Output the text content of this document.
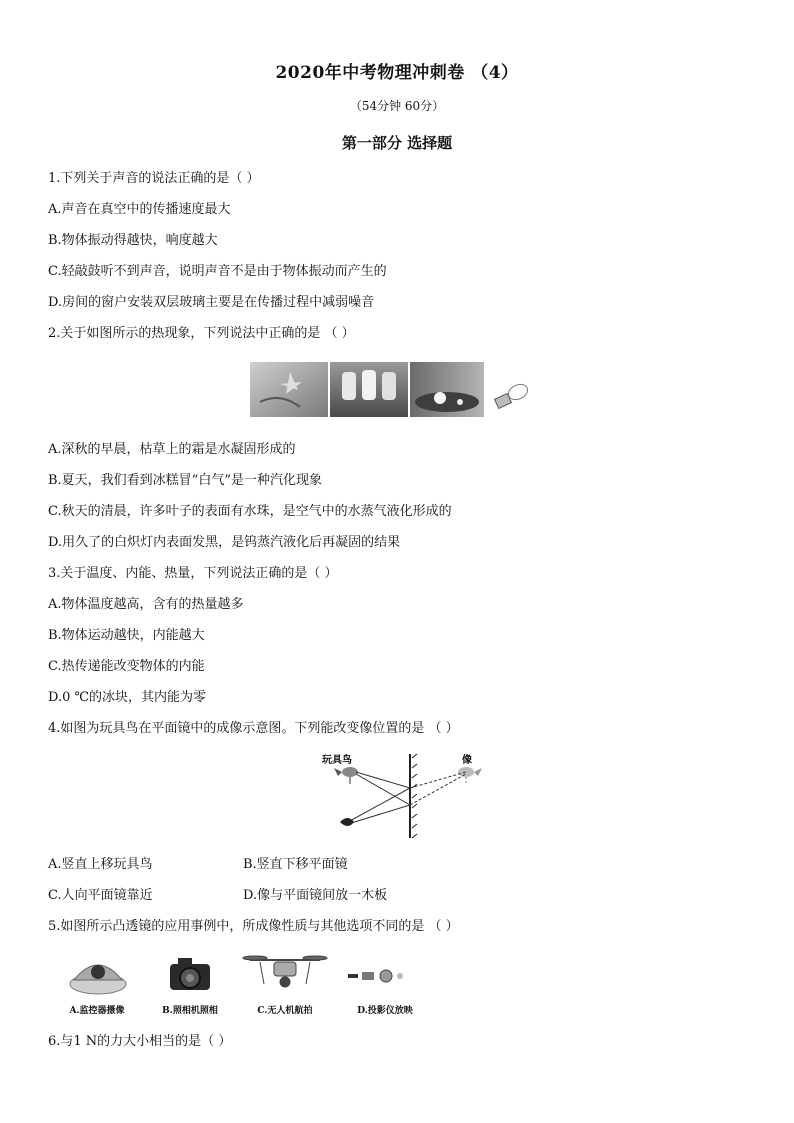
2020年中考物理冲刺卷 （4）
（54分钟 60分）
第一部分 选择题
1.下列关于声音的说法正确的是（ ）
A.声音在真空中的传播速度最大
B.物体振动得越快，响度越大
C.轻敲鼓听不到声音，说明声音不是由于物体振动而产生的
D.房间的窗户安装双层玻璃主要是在传播过程中减弱噪音
2.关于如图所示的热现象，下列说法中正确的是 （ ）
A.深秋的早晨，枯草上的霜是水凝固形成的
B.夏天，我们看到冰糕冒“白气”是一种汽化现象
C.秋天的清晨，许多叶子的表面有水珠，是空气中的水蒸气液化形成的
D.用久了的白炽灯内表面发黑，是钨蒸汽液化后再凝固的结果
3.关于温度、内能、热量，下列说法正确的是（ ）
A.物体温度越高，含有的热量越多
B.物体运动越快，内能越大
C.热传递能改变物体的内能
D.0 ℃的冰块，其内能为零
4.如图为玩具鸟在平面镜中的成像示意图。下列能改变像位置的是 （ ）
玩具鸟	像
A.竖直上移玩具鸟	B.竖直下移平面镜
C.人向平面镜靠近	D.像与平面镜间放一木板
5.如图所示凸透镜的应用事例中，所成像性质与其他选项不同的是 （ ）
A.监控器摄像	B.照相机照相	C.无人机航拍	D.投影仪放映
6.与1 N的力大小相当的是（ ）
